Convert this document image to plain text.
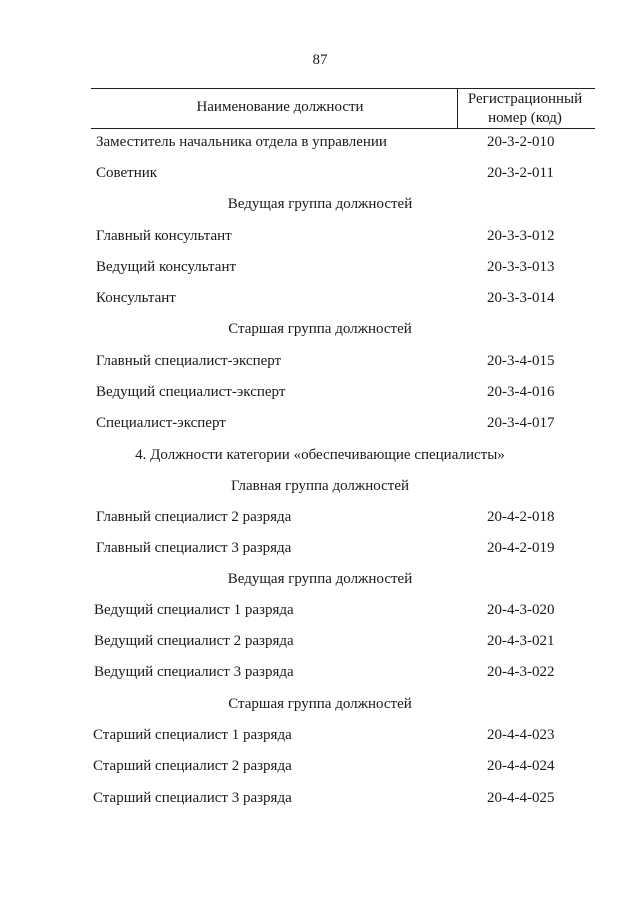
87
Наименование должности	Регистрационный
номер (код)
Заместитель начальника отдела в управлении	20-3-2-010
Советник	20-3-2-011
Ведущая группа должностей
Главный консультант	20-3-3-012
Ведущий консультант	20-3-3-013
Консультант	20-3-3-014
Старшая группа должностей
Главный специалист-эксперт	20-3-4-015
Ведущий специалист-эксперт	20-3-4-016
Специалист-эксперт	20-3-4-017
4. Должности категории «обеспечивающие специалисты»
Главная группа должностей
Главный специалист 2 разряда	20-4-2-018
Главный специалист 3 разряда	20-4-2-019
Ведущая группа должностей
Ведущий специалист 1 разряда	20-4-3-020
Ведущий специалист 2 разряда	20-4-3-021
Ведущий специалист 3 разряда	20-4-3-022
Старшая группа должностей
Старший специалист 1 разряда	20-4-4-023
Старший специалист 2 разряда	20-4-4-024
Старший специалист 3 разряда	20-4-4-025
